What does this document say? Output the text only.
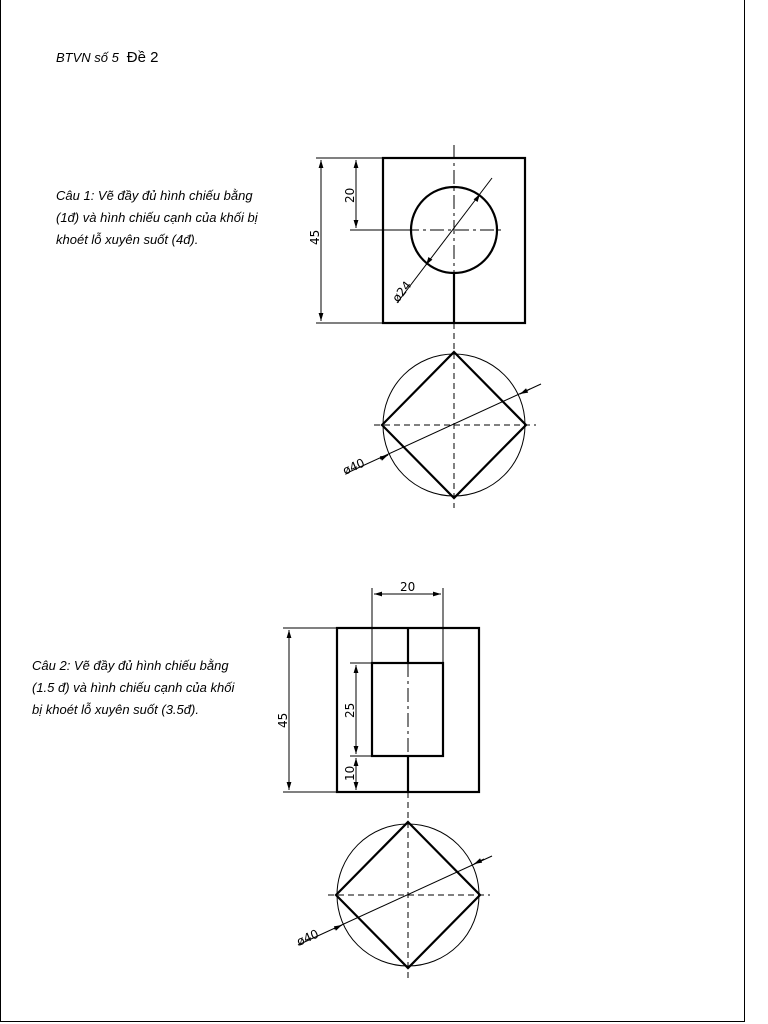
BTVN số 5 Đề 2
Câu 1: Vẽ đầy đủ hình chiếu bằng
(1đ) và hình chiếu cạnh của khối bị
khoét lỗ xuyên suốt (4đ).
Câu 2: Vẽ đầy đủ hình chiếu bằng
(1.5 đ) và hình chiếu cạnh của khối
bị khoét lỗ xuyên suốt (3.5đ).
45
20
ø24
ø40
20
45
25
10
ø40
